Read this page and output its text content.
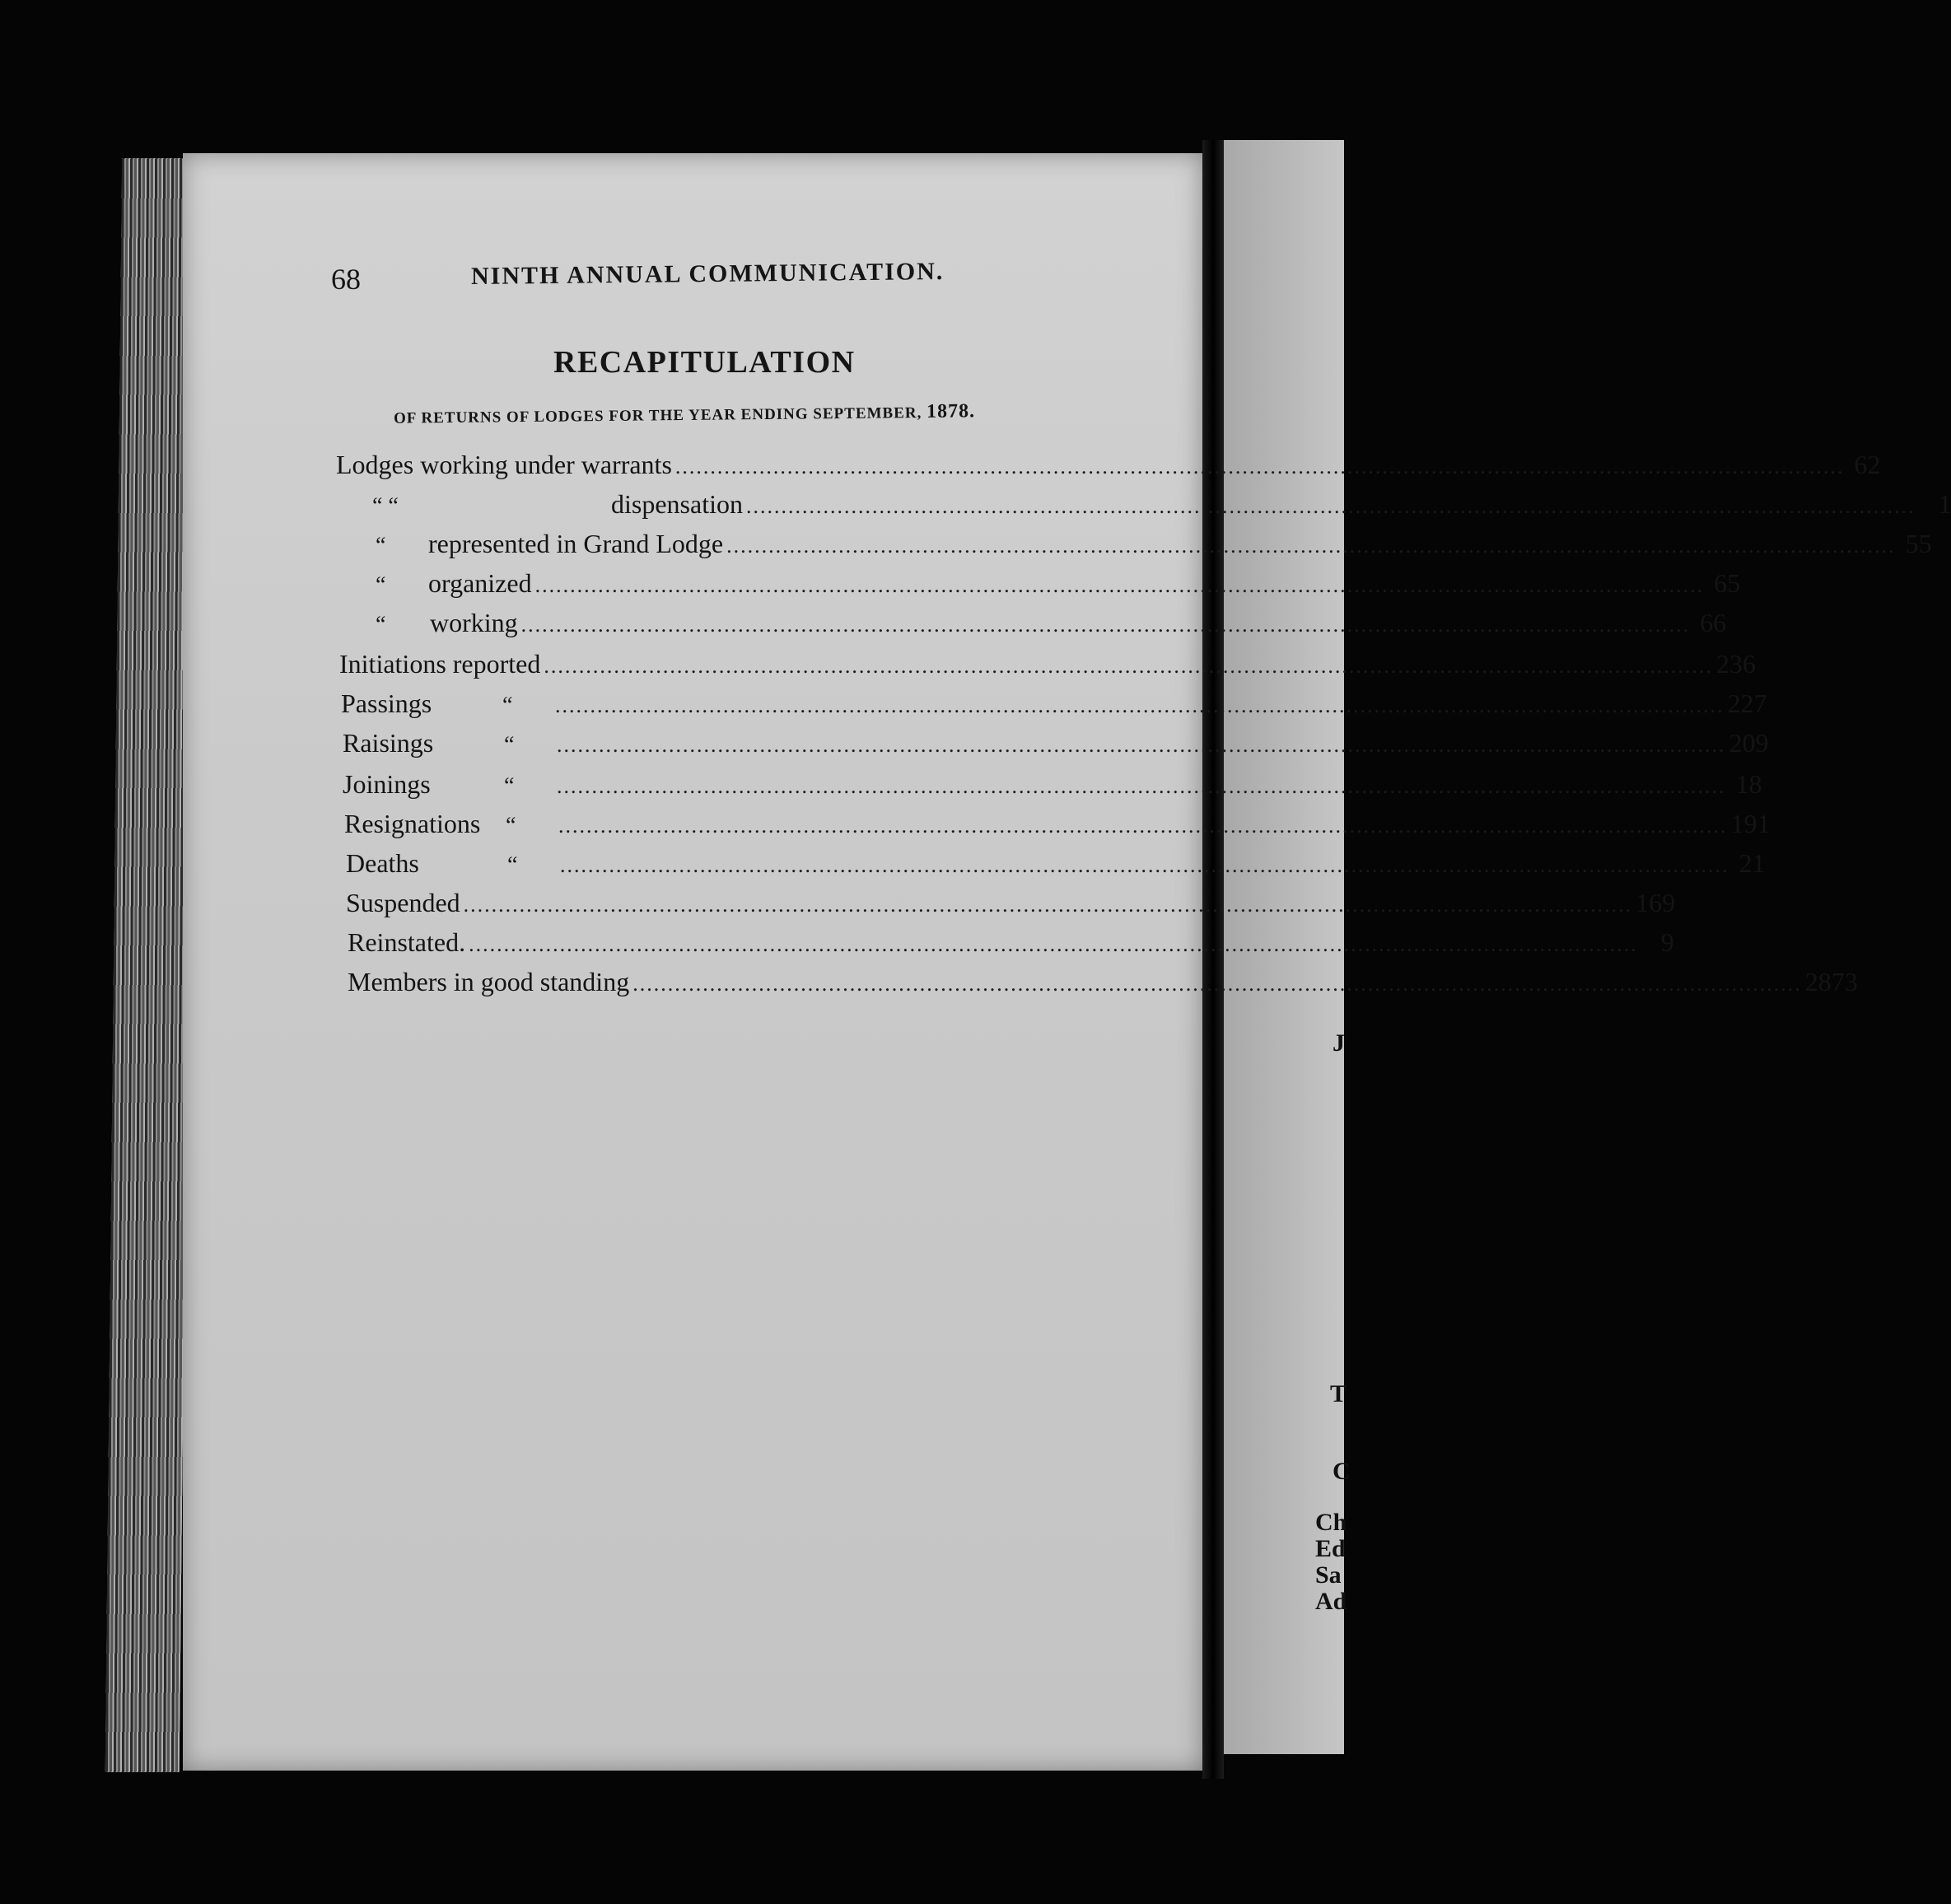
J
T
C
Ch
Ed
Sa
Ad
68	NINTH ANNUAL COMMUNICATION.
RECAPITULATION
OF RETURNS OF LODGES FOR THE YEAR ENDING SEPTEMBER, 1878.
Lodges working under warrants .....	62
“ “	dispensation .....	1
“ represented in Grand Lodge .....	55
“ organized .....	65
“ working .....	66
Initiations reported .....	236
Passings	“ .....	227
Raisings	“ .....	209
Joinings	“ .....	18
Resignations “ .....	191
Deaths	“ .....	21
Suspended .....	169
Reinstated. .....	9
Members in good standing .....	2873
